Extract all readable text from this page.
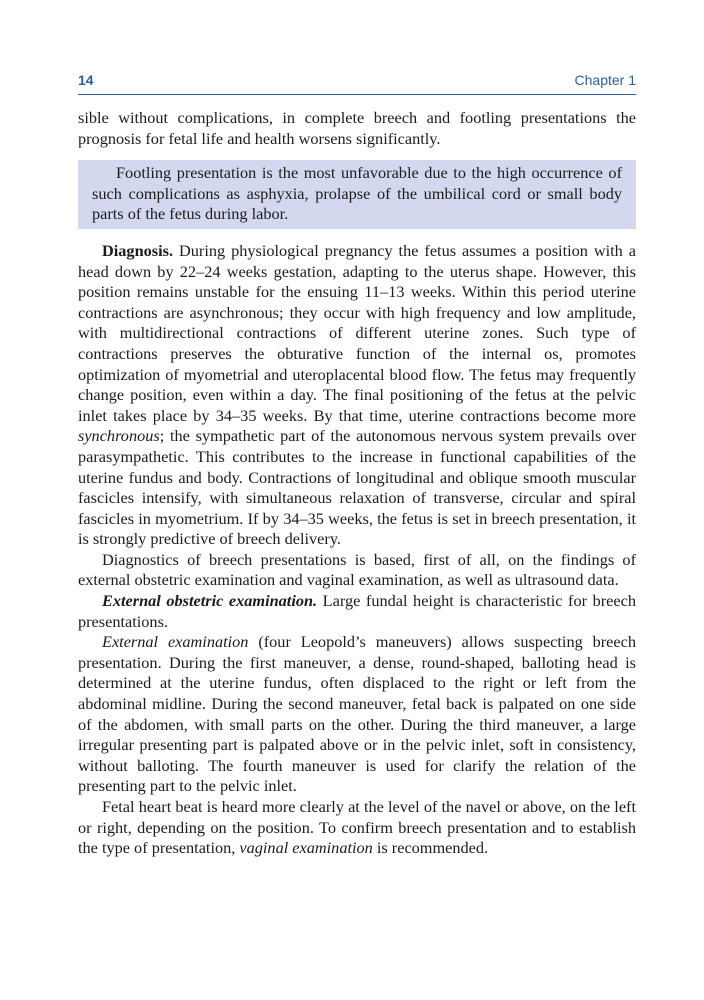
14	Chapter 1

sible without complications, in complete breech and footling presentations the prognosis for fetal life and health worsens significantly.

Footling presentation is the most unfavorable due to the high occurrence of such complications as asphyxia, prolapse of the umbilical cord or small body parts of the fetus during labor.

Diagnosis. During physiological pregnancy the fetus assumes a position with a head down by 22–24 weeks gestation, adapting to the uterus shape. However, this position remains unstable for the ensuing 11–13 weeks. Within this period uterine contractions are asynchronous; they occur with high frequency and low amplitude, with multidirectional contractions of different uterine zones. Such type of contractions preserves the obturative function of the internal os, promotes optimization of myometrial and uteroplacental blood flow. The fetus may frequently change position, even within a day. The final positioning of the fetus at the pelvic inlet takes place by 34–35 weeks. By that time, uterine contractions become more synchronous; the sympathetic part of the autonomous nervous system prevails over parasympathetic. This contributes to the increase in functional capabilities of the uterine fundus and body. Contractions of longitudinal and oblique smooth muscular fascicles intensify, with simultaneous relaxation of transverse, circular and spiral fascicles in myometrium. If by 34–35 weeks, the fetus is set in breech presentation, it is strongly predictive of breech delivery.

Diagnostics of breech presentations is based, first of all, on the findings of external obstetric examination and vaginal examination, as well as ultrasound data.

External obstetric examination. Large fundal height is characteristic for breech presentations.

External examination (four Leopold’s maneuvers) allows suspecting breech presentation. During the first maneuver, a dense, round-shaped, balloting head is determined at the uterine fundus, often displaced to the right or left from the abdominal midline. During the second maneuver, fetal back is palpated on one side of the abdomen, with small parts on the other. During the third maneuver, a large irregular presenting part is palpated above or in the pelvic inlet, soft in consistency, without balloting. The fourth maneuver is used for clarify the relation of the presenting part to the pelvic inlet.

Fetal heart beat is heard more clearly at the level of the navel or above, on the left or right, depending on the position. To confirm breech presentation and to establish the type of presentation, vaginal examination is recommended.
